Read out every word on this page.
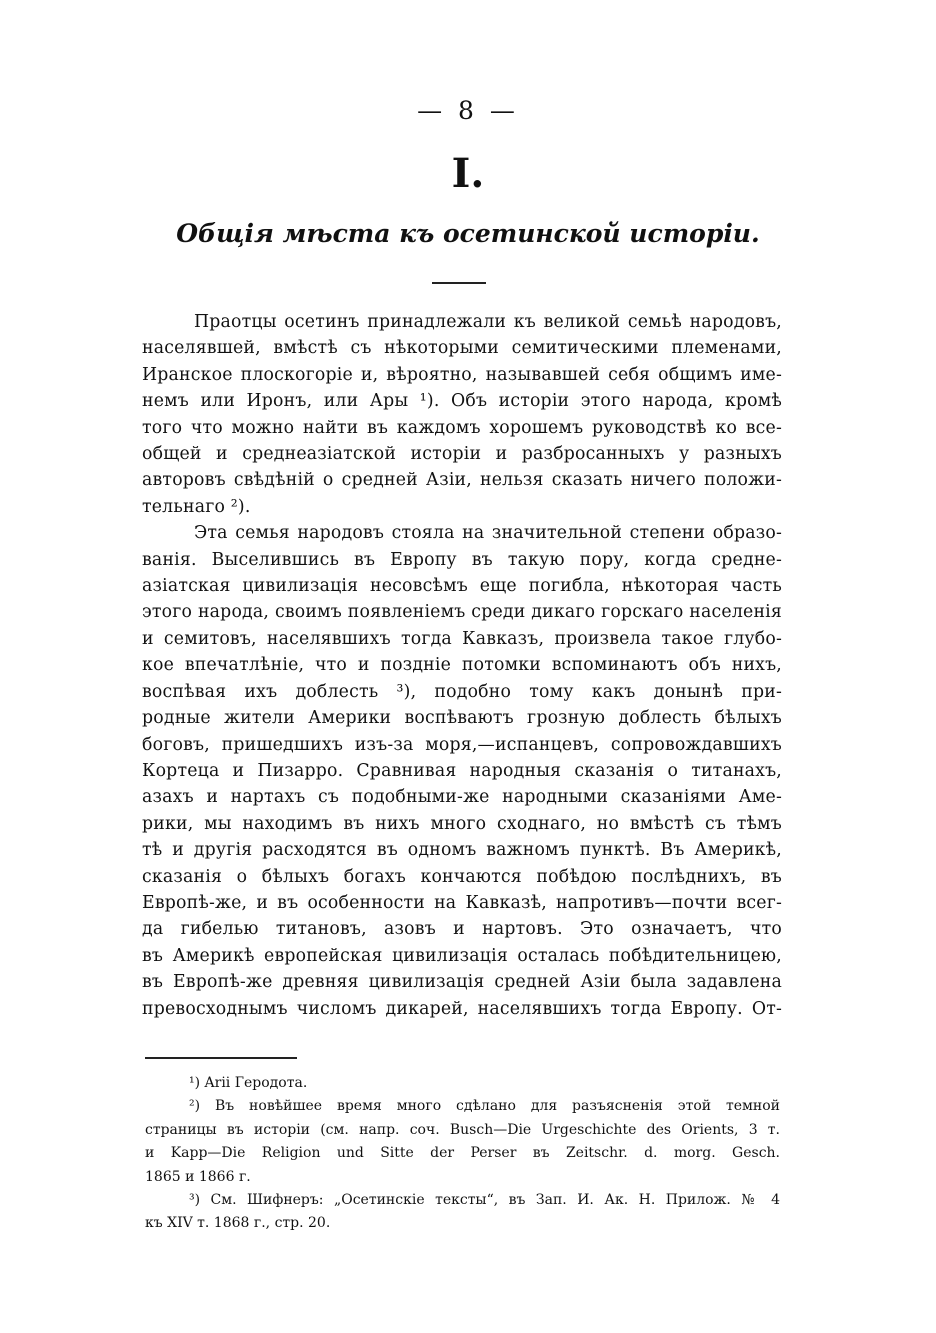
— 8 —
I.
Общія мѣста къ осетинской исторіи.
Праотцы осетинъ принадлежали къ великой семьѣ народовъ,
населявшей, вмѣстѣ съ нѣкоторыми семитическими племенами,
Иранское плоскогоріе и, вѣроятно, называвшей себя общимъ име-
немъ или Иронъ, или Ары ¹). Объ исторіи этого народа, кромѣ
того что можно найти въ каждомъ хорошемъ руководствѣ ко все-
общей и среднеазіатской исторіи и разбросанныхъ у разныхъ
авторовъ свѣдѣній о средней Азіи, нельзя сказать ничего положи-
тельнаго ²).
Эта семья народовъ стояла на значительной степени образо-
ванія. Выселившись въ Европу въ такую пору, когда средне-
азіатская цивилизація несовсѣмъ еще погибла, нѣкоторая часть
этого народа, своимъ появленіемъ среди дикаго горскаго населенія
и семитовъ, населявшихъ тогда Кавказъ, произвела такое глубо-
кое впечатлѣніе, что и поздніе потомки вспоминаютъ объ нихъ,
воспѣвая ихъ доблесть ³), подобно тому какъ донынѣ при-
родные жители Америки воспѣваютъ грозную доблесть бѣлыхъ
боговъ, пришедшихъ изъ-за моря,—испанцевъ, сопровождавшихъ
Кортеца и Пизарро. Сравнивая народныя сказанія о титанахъ,
азахъ и нартахъ съ подобными-же народными сказаніями Аме-
рики, мы находимъ въ нихъ много сходнаго, но вмѣстѣ съ тѣмъ
тѣ и другія расходятся въ одномъ важномъ пунктѣ. Въ Америкѣ,
сказанія о бѣлыхъ богахъ кончаются побѣдою послѣднихъ, въ
Европѣ-же, и въ особенности на Кавказѣ, напротивъ—почти всег-
да гибелью титановъ, азовъ и нартовъ. Это означаетъ, что
въ Америкѣ европейская цивилизація осталась побѣдительницею,
въ Европѣ-же древняя цивилизація средней Азіи была задавлена
превосходнымъ числомъ дикарей, населявшихъ тогда Европу. От-
¹) Arii Геродота.
²) Въ новѣйшее время много сдѣлано для разъясненія этой темной
страницы въ исторіи (см. напр. соч. Busch—Die Urgeschichte des Orients, 3 т.
и Kapp—Die Religion und Sitte der Perser въ Zeitschr. d. morg. Gesch.
1865 и 1866 г.
³) См. Шифнеръ: „Осетинскіе тексты“, въ Зап. И. Ак. Н. Прилож. № 4
къ XIV т. 1868 г., стр. 20.
